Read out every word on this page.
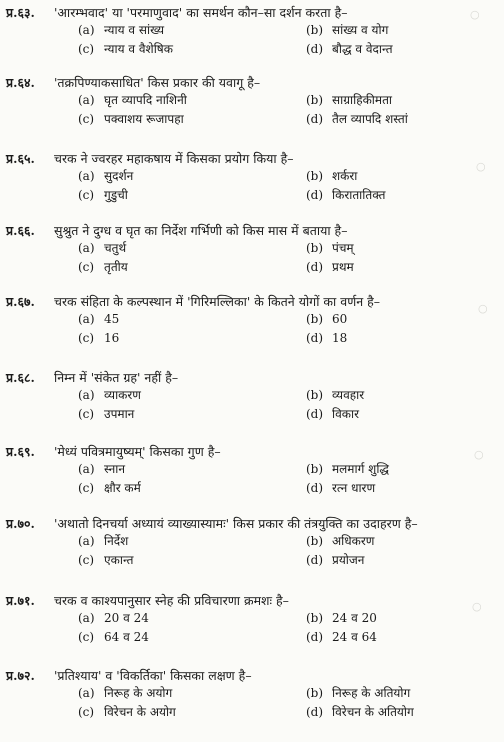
○
○
○
○
○
प्र.६३.	'आरम्भवाद' या 'परमाणुवाद' का समर्थन कौन–सा दर्शन करता है–
(a) न्याय व सांख्य	(b) सांख्य व योग
(c) न्याय व वैशेषिक	(d) बौद्ध व वेदान्त
प्र.६४.	'तक्रपिण्याकसाधित' किस प्रकार की यवागू है–
(a) घृत व्यापदि नाशिनी	(b) साग्राहिकीमता
(c) पक्वाशय रूजापहा	(d) तैल व्यापदि शस्तां
प्र.६५.	चरक ने ज्वरहर महाकषाय में किसका प्रयोग किया है–
(a) सुदर्शन	(b) शर्करा
(c) गुडुची	(d) किरातातिक्त
प्र.६६.	सुश्रुत ने दुग्ध व घृत का निर्देश गर्भिणी को किस मास में बताया है–
(a) चतुर्थ	(b) पंचम्
(c) तृतीय	(d) प्रथम
प्र.६७.	चरक संहिता के कल्पस्थान में 'गिरिमल्लिका' के कितने योगों का वर्णन है–
(a) 45	(b) 60
(c) 16	(d) 18
प्र.६८.	निम्न में 'संकेत ग्रह' नहीं है–
(a) व्याकरण	(b) व्यवहार
(c) उपमान	(d) विकार
प्र.६९.	'मेध्यं पवित्रमायुष्यम्' किसका गुण है–
(a) स्नान	(b) मलमार्ग शुद्धि
(c) क्षौर कर्म	(d) रत्न धारण
प्र.७०.	'अथातो दिनचर्या अध्यायं व्याख्यास्यामः' किस प्रकार की तंत्रयुक्ति का उदाहरण है–
(a) निर्देश	(b) अधिकरण
(c) एकान्त	(d) प्रयोजन
प्र.७१.	चरक व काश्यपानुसार स्नेह की प्रविचारणा क्रमशः है–
(a) 20 व 24	(b) 24 व 20
(c) 64 व 24	(d) 24 व 64
प्र.७२.	'प्रतिश्याय' व 'विकर्तिका' किसका लक्षण है–
(a) निरूह के अयोग	(b) निरूह के अतियोग
(c) विरेचन के अयोग	(d) विरेचन के अतियोग
